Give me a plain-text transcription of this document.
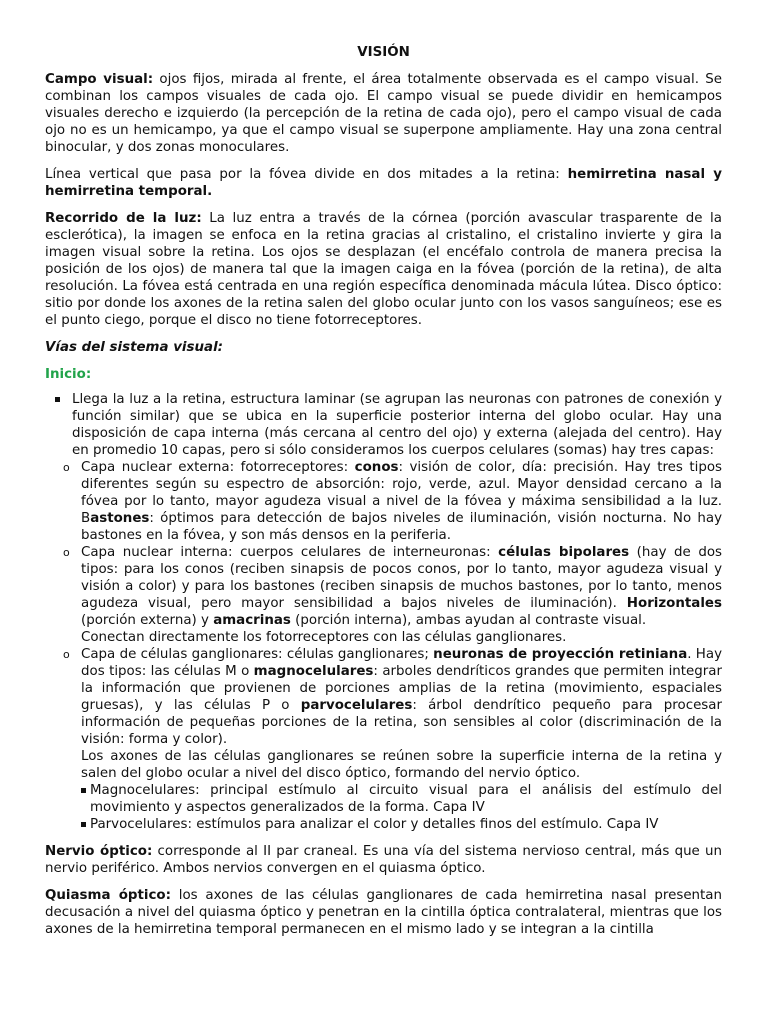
VISIÓN

Campo visual: ojos fijos, mirada al frente, el área totalmente observada es el campo visual. Se combinan los campos visuales de cada ojo. El campo visual se puede dividir en hemicampos visuales derecho e izquierdo (la percepción de la retina de cada ojo), pero el campo visual de cada ojo no es un hemicampo, ya que el campo visual se superpone ampliamente. Hay una zona central binocular, y dos zonas monoculares.

Línea vertical que pasa por la fóvea divide en dos mitades a la retina: hemirretina nasal y hemirretina temporal.

Recorrido de la luz: La luz entra a través de la córnea (porción avascular trasparente de la esclerótica), la imagen se enfoca en la retina gracias al cristalino, el cristalino invierte y gira la imagen visual sobre la retina. Los ojos se desplazan (el encéfalo controla de manera precisa la posición de los ojos) de manera tal que la imagen caiga en la fóvea (porción de la retina), de alta resolución. La fóvea está centrada en una región específica denominada mácula lútea. Disco óptico: sitio por donde los axones de la retina salen del globo ocular junto con los vasos sanguíneos; ese es el punto ciego, porque el disco no tiene fotorreceptores.

Vías del sistema visual:
Inicio:
Llega la luz a la retina, estructura laminar (se agrupan las neuronas con patrones de conexión y función similar) que se ubica en la superficie posterior interna del globo ocular. Hay una disposición de capa interna (más cercana al centro del ojo) y externa (alejada del centro). Hay en promedio 10 capas, pero si sólo consideramos los cuerpos celulares (somas) hay tres capas:
o Capa nuclear externa: fotorreceptores: conos: visión de color, día: precisión. Hay tres tipos diferentes según su espectro de absorción: rojo, verde, azul. Mayor densidad cercano a la fóvea por lo tanto, mayor agudeza visual a nivel de la fóvea y máxima sensibilidad a la luz. Bastones: óptimos para detección de bajos niveles de iluminación, visión nocturna. No hay bastones en la fóvea, y son más densos en la periferia.
o Capa nuclear interna: cuerpos celulares de interneuronas: células bipolares (hay de dos tipos: para los conos (reciben sinapsis de pocos conos, por lo tanto, mayor agudeza visual y visión a color) y para los bastones (reciben sinapsis de muchos bastones, por lo tanto, menos agudeza visual, pero mayor sensibilidad a bajos niveles de iluminación). Horizontales (porción externa) y amacrinas (porción interna), ambas ayudan al contraste visual.
Conectan directamente los fotorreceptores con las células ganglionares.
o Capa de células ganglionares: células ganglionares; neuronas de proyección retiniana. Hay dos tipos: las células M o magnocelulares: arboles dendríticos grandes que permiten integrar la información que provienen de porciones amplias de la retina (movimiento, espaciales gruesas), y las células P o parvocelulares: árbol dendrítico pequeño para procesar información de pequeñas porciones de la retina, son sensibles al color (discriminación de la visión: forma y color).
Los axones de las células ganglionares se reúnen sobre la superficie interna de la retina y salen del globo ocular a nivel del disco óptico, formando del nervio óptico.
Magnocelulares: principal estímulo al circuito visual para el análisis del estímulo del movimiento y aspectos generalizados de la forma. Capa IV
Parvocelulares: estímulos para analizar el color y detalles finos del estímulo. Capa IV

Nervio óptico: corresponde al II par craneal. Es una vía del sistema nervioso central, más que un nervio periférico. Ambos nervios convergen en el quiasma óptico.

Quiasma óptico: los axones de las células ganglionares de cada hemirretina nasal presentan decusación a nivel del quiasma óptico y penetran en la cintilla óptica contralateral, mientras que los axones de la hemirretina temporal permanecen en el mismo lado y se integran a la cintilla
